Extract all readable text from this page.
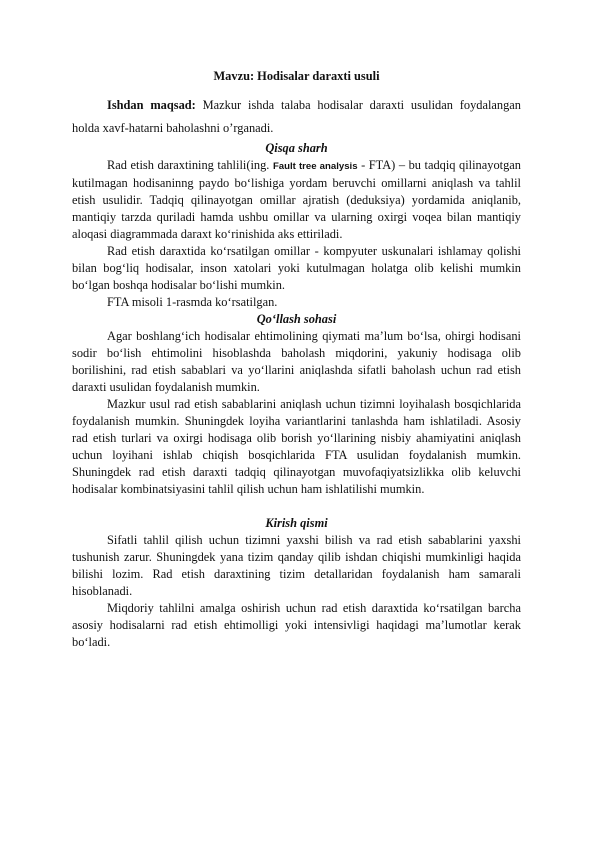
Mavzu: Hodisalar daraxti usuli

Ishdan maqsad: Mazkur ishda talaba hodisalar daraxti usulidan foydalangan holda xavf-hatarni baholashni o’rganadi.

Qisqa sharh

Rad etish daraxtining tahlili(ing. Fault tree analysis - FTA) – bu tadqiq qilinayotgan kutilmagan hodisaninng paydo bo‘lishiga yordam beruvchi omillarni aniqlash va tahlil etish usulidir. Tadqiq qilinayotgan omillar ajratish (deduksiya) yordamida aniqlanib, mantiqiy tarzda quriladi hamda ushbu omillar va ularning oxirgi voqea bilan mantiqiy aloqasi diagrammada daraxt ko‘rinishida aks ettiriladi.

Rad etish daraxtida ko‘rsatilgan omillar - kompyuter uskunalari ishlamay qolishi bilan bog‘liq hodisalar, inson xatolari yoki kutulmagan holatga olib kelishi mumkin bo‘lgan boshqa hodisalar bo‘lishi mumkin.

FTA misoli 1-rasmda ko‘rsatilgan.

Qo‘llash sohasi

Agar boshlang‘ich hodisalar ehtimolining qiymati ma’lum bo‘lsa, ohirgi hodisani sodir bo‘lish ehtimolini hisoblashda baholash miqdorini, yakuniy hodisaga olib borilishini, rad etish sabablari va yo‘llarini aniqlashda sifatli baholash uchun rad etish daraxti usulidan foydalanish mumkin.

Mazkur usul rad etish sabablarini aniqlash uchun tizimni loyihalash bosqichlarida foydalanish mumkin. Shuningdek loyiha variantlarini tanlashda ham ishlatiladi. Asosiy rad etish turlari va oxirgi hodisaga olib borish yo‘llarining nisbiy ahamiyatini aniqlash uchun loyihani ishlab chiqish bosqichlarida FTA usulidan foydalanish mumkin. Shuningdek rad etish daraxti tadqiq qilinayotgan muvofaqiyatsizlikka olib keluvchi hodisalar kombinatsiyasini tahlil qilish uchun ham ishlatilishi mumkin.

Kirish qismi

Sifatli tahlil qilish uchun tizimni yaxshi bilish va rad etish sabablarini yaxshi tushunish zarur. Shuningdek yana tizim qanday qilib ishdan chiqishi mumkinligi haqida bilishi lozim. Rad etish daraxtining tizim detallaridan foydalanish ham samarali hisoblanadi.

Miqdoriy tahlilni amalga oshirish uchun rad etish daraxtida ko‘rsatilgan barcha asosiy hodisalarni rad etish ehtimolligi yoki intensivligi haqidagi ma’lumotlar kerak bo‘ladi.
